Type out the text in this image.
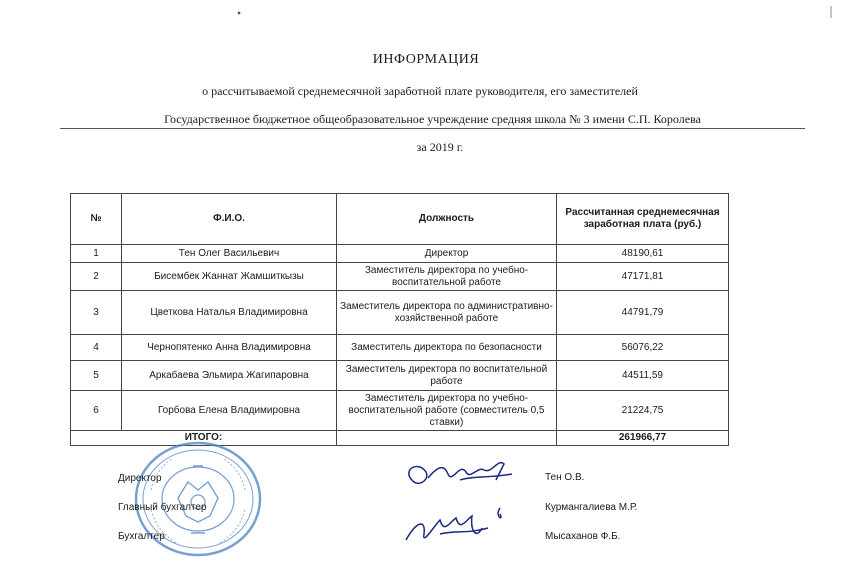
ИНФОРМАЦИЯ
о рассчитываемой среднемесячной заработной плате руководителя, его заместителей
Государственное бюджетное общеобразовательное учреждение средняя школа № 3 имени С.П. Королева
за 2019 г.
№	Ф.И.О.	Должность	Рассчитанная среднемесячная заработная плата (руб.)
1	Тен Олег Васильевич	Директор	48190,61
2	Бисембек Жаннат Жамшиткызы	Заместитель директора по учебно-воспитательной работе	47171,81
3	Цветкова Наталья Владимировна	Заместитель директора по административно-хозяйственной работе	44791,79
4	Чернопятенко Анна Владимировна	Заместитель директора по безопасности	56076,22
5	Аркабаева Эльмира Жагипаровна	Заместитель директора по воспитательной работе	44511,59
6	Горбова Елена Владимировна	Заместитель директора по учебно-воспитательной работе (совместитель 0,5 ставки)	21224,75
ИТОГО:			261966,77
Директор
Главный бухгалтер
Бухгалтер
Тен О.В.
Курмангалиева М.Р.
Мысаханов Ф.Б.
